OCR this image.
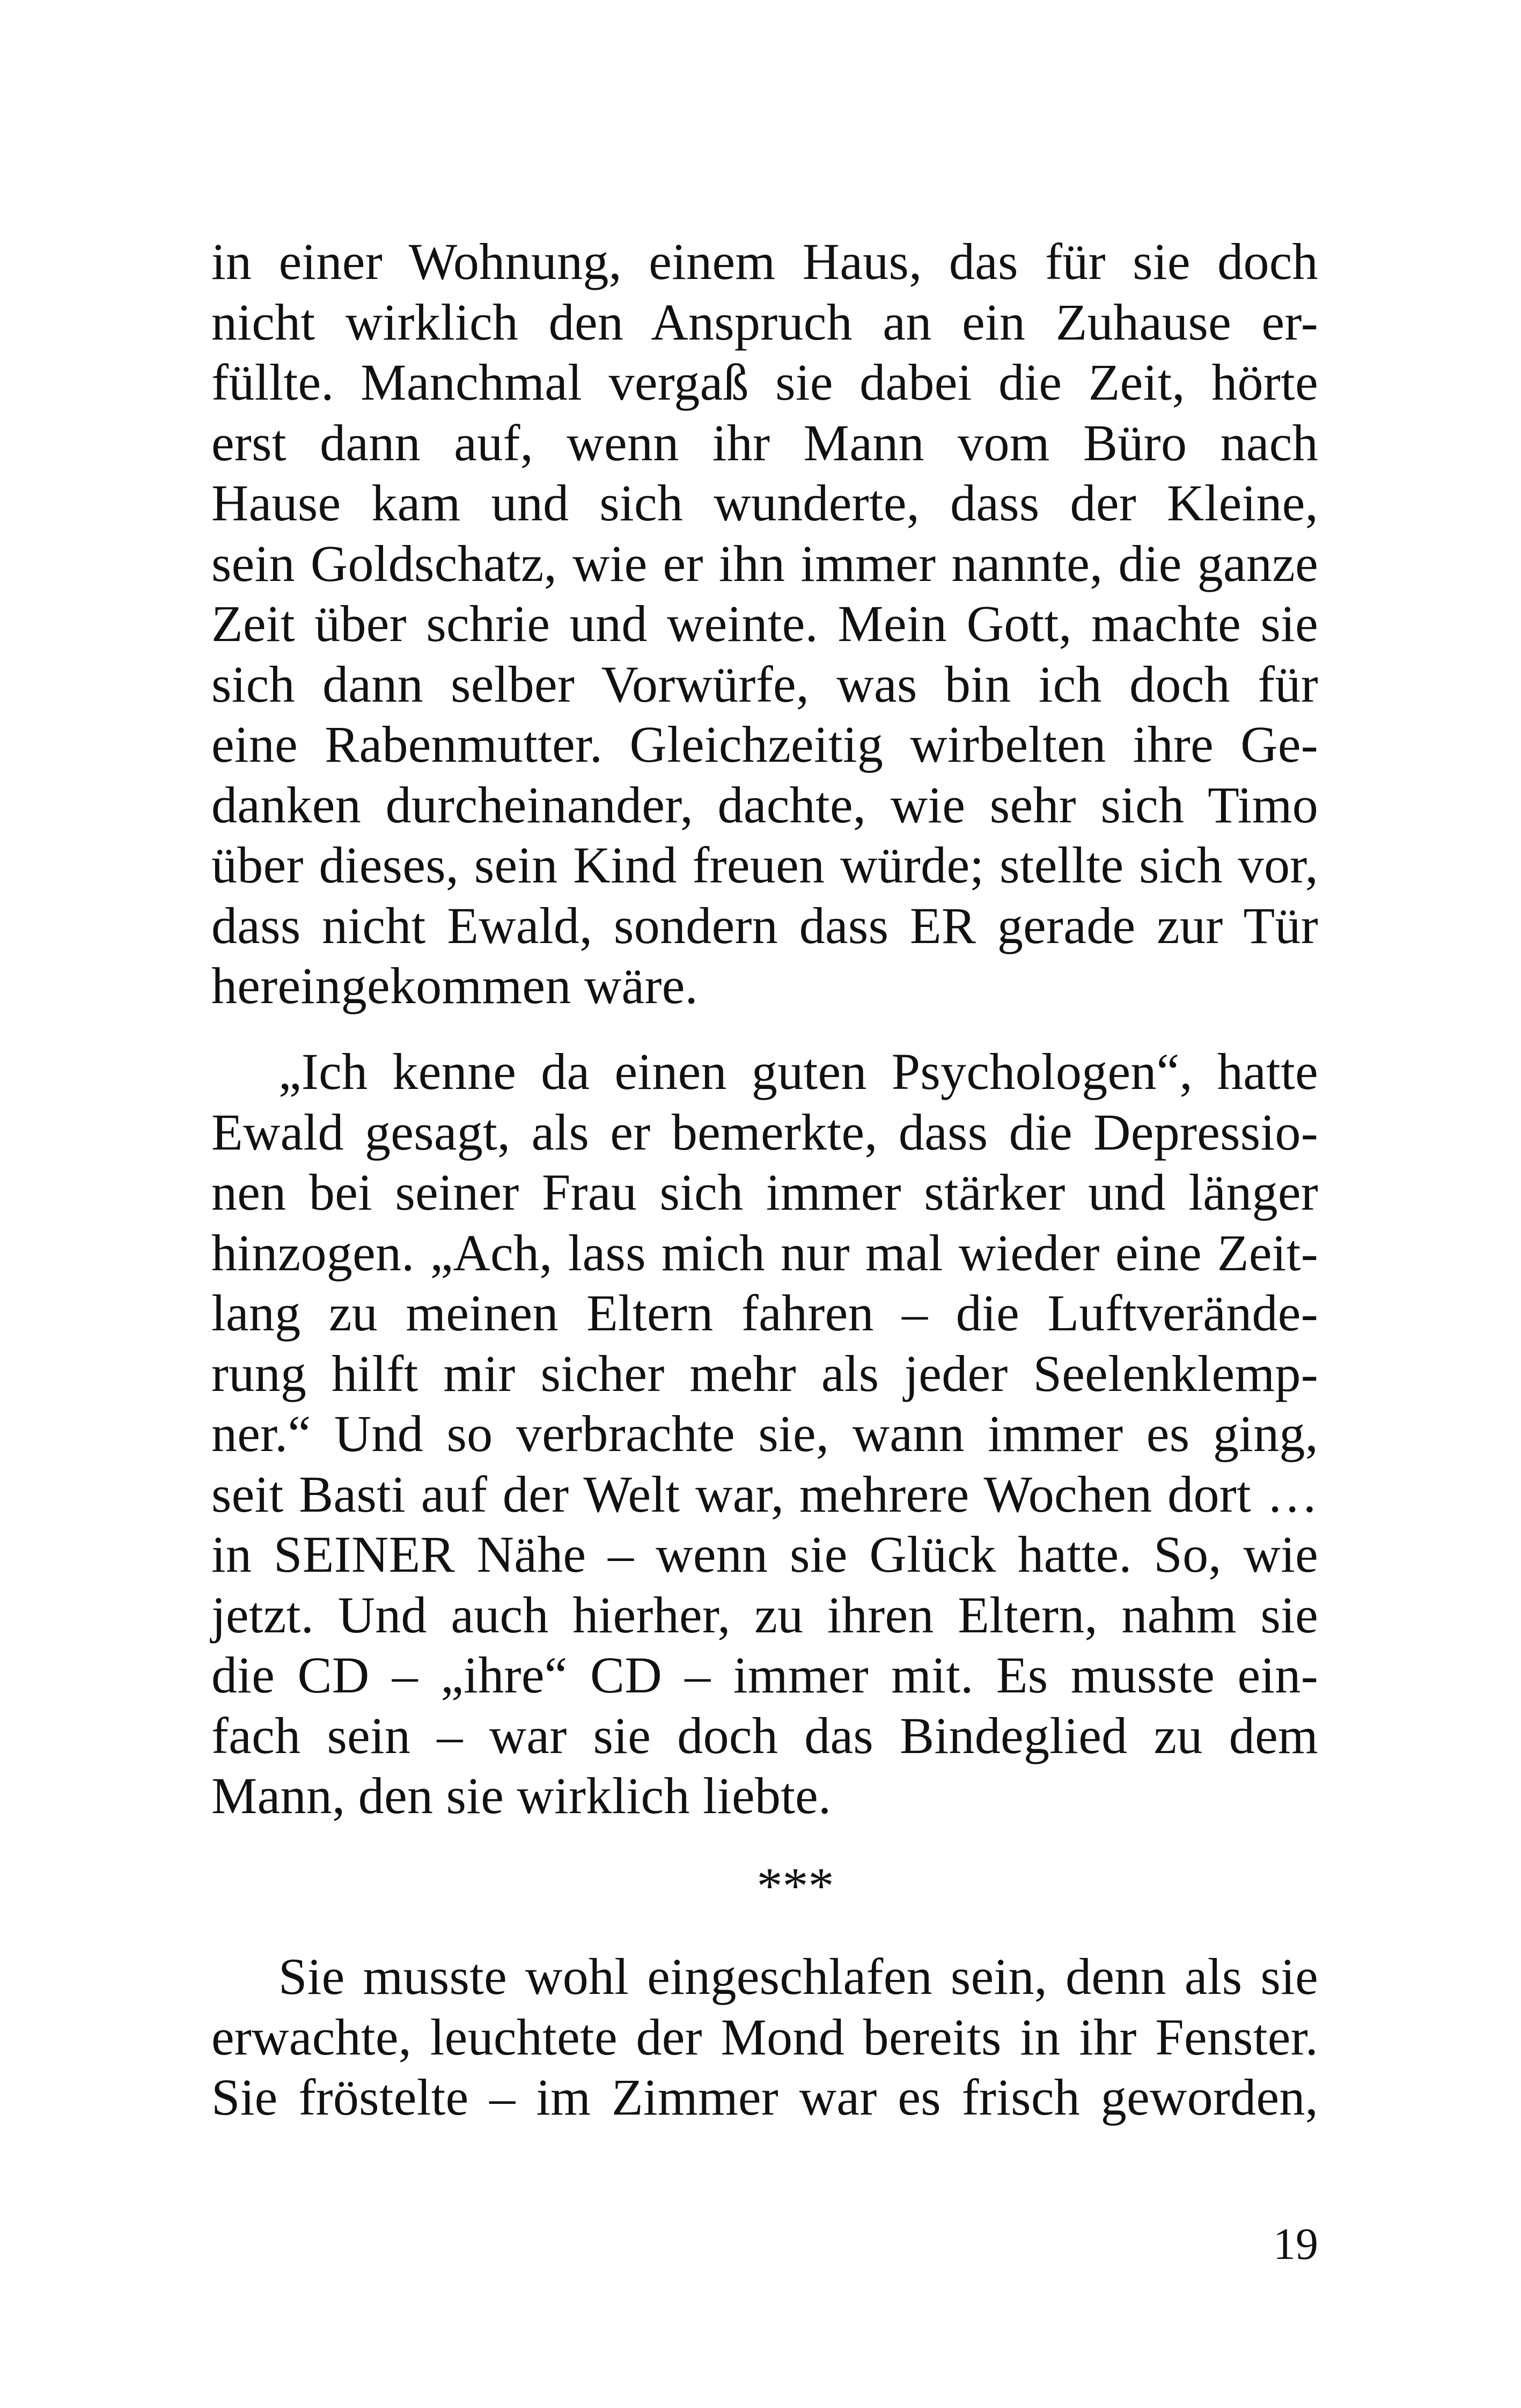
in einer Wohnung, einem Haus, das für sie doch
nicht wirklich den Anspruch an ein Zuhause er-
füllte. Manchmal vergaß sie dabei die Zeit, hörte
erst dann auf, wenn ihr Mann vom Büro nach
Hause kam und sich wunderte, dass der Kleine,
sein Goldschatz, wie er ihn immer nannte, die ganze
Zeit über schrie und weinte. Mein Gott, machte sie
sich dann selber Vorwürfe, was bin ich doch für
eine Rabenmutter. Gleichzeitig wirbelten ihre Ge-
danken durcheinander, dachte, wie sehr sich Timo
über dieses, sein Kind freuen würde; stellte sich vor,
dass nicht Ewald, sondern dass ER gerade zur Tür
hereingekommen wäre.
„Ich kenne da einen guten Psychologen“, hatte
Ewald gesagt, als er bemerkte, dass die Depressio-
nen bei seiner Frau sich immer stärker und länger
hinzogen. „Ach, lass mich nur mal wieder eine Zeit-
lang zu meinen Eltern fahren – die Luftverände-
rung hilft mir sicher mehr als jeder Seelenklemp-
ner.“ Und so verbrachte sie, wann immer es ging,
seit Basti auf der Welt war, mehrere Wochen dort …
in SEINER Nähe – wenn sie Glück hatte. So, wie
jetzt. Und auch hierher, zu ihren Eltern, nahm sie
die CD – „ihre“ CD – immer mit. Es musste ein-
fach sein – war sie doch das Bindeglied zu dem
Mann, den sie wirklich liebte.
***
Sie musste wohl eingeschlafen sein, denn als sie
erwachte, leuchtete der Mond bereits in ihr Fenster.
Sie fröstelte – im Zimmer war es frisch geworden,
19
